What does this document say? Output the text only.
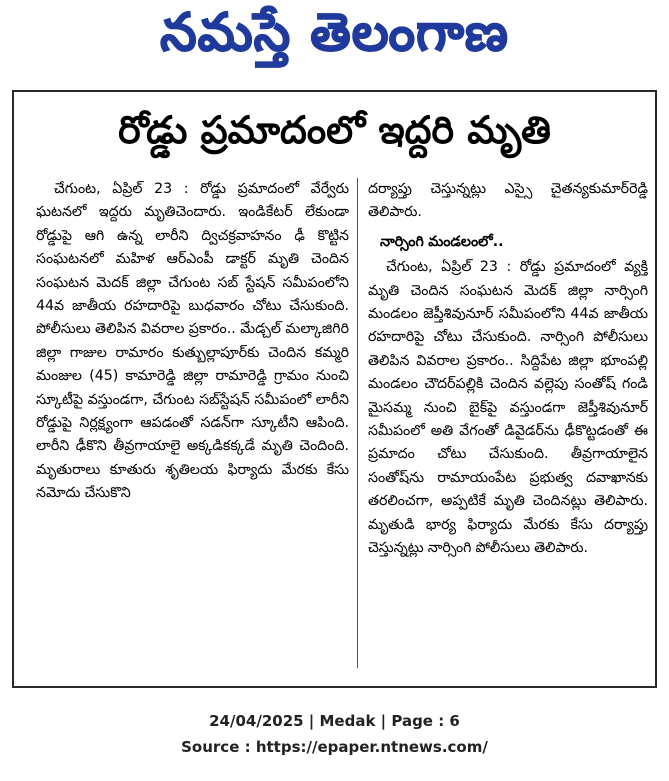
నమస్తే తెలంగాణ
రోడ్డు ప్రమాదంలో ఇద్దరి మృతి

చేగుంట, ఏప్రిల్ 23 : రోడ్డు ప్రమాదంలో వేర్వేరు ఘటనలో ఇద్దరు మృతిచెందారు. ఇండికేటర్ లేకుండా రోడ్డుపై ఆగి ఉన్న లారీని ద్విచక్రవాహనం ఢీ కొట్టిన సంఘటనలో మహిళ ఆర్ఎంపీ డాక్టర్ మృతి చెందిన సంఘటన మెదక్ జిల్లా చేగుంట సబ్ స్టేషన్ సమీపంలోని 44వ జాతీయ రహదారిపై బుధవారం చోటు చేసుకుంది. పోలీసులు తెలిపిన వివరాల ప్రకారం.. మేడ్చల్ మల్కాజిగిరి జిల్లా గాజుల రామారం కుత్బుల్లాపూర్‌కు చెందిన కమ్మరి మంజుల (45) కామారెడ్డి జిల్లా రామారెడ్డి గ్రామం నుంచి స్కూటీపై వస్తుండగా, చేగుంట సబ్‌స్టేషన్ సమీపంలో లారీని రోడ్డుపై నిర్లక్ష్యంగా ఆపడంతో సడన్‌గా స్కూటీని ఆపింది. లారీని ఢీకొని తీవ్రగాయాలై అక్కడికక్కడే మృతి చెందింది. మృతురాలు కూతురు శృతిలయ ఫిర్యాదు మేరకు కేసు నమోదు చేసుకొని

దర్యాప్తు చెస్తున్నట్లు ఎస్సై చైతన్యకుమార్‌రెడ్డి తెలిపారు.

నార్సింగి మండలంలో..

చేగుంట, ఏప్రిల్ 23 : రోడ్డు ప్రమాదంలో వ్యక్తి మృతి చెందిన సంఘటన మెదక్ జిల్లా నార్సింగి మండలం జెప్తీశివునూర్ సమీపంలోని 44వ జాతీయ రహదారిపై చోటు చేసుకుంది. నార్సింగి పోలీసులు తెలిపిన వివరాల ప్రకారం.. సిద్దిపేట జిల్లా భూంపల్లి మండలం చౌదర్‌పల్లికి చెందిన వల్లెపు సంతోష్ గండి మైసమ్మ నుంచి బైక్‌పై వస్తుండగా జెప్తీశివునూర్ సమీపంలో అతి వేగంతో డివైడర్‌ను ఢీకొట్టడంతో ఈ ప్రమాదం చోటు చేసుకుంది. తీవ్రగాయాలైన సంతోష్‌ను రామాయంపేట ప్రభుత్వ దవాఖానకు తరలించగా, అప్పటికే మృతి చెందినట్లు తెలిపారు. మృతుడి భార్య ఫిర్యాదు మేరకు కేసు దర్యాప్తు చెస్తున్నట్లు నార్సింగి పోలీసులు తెలిపారు.

24/04/2025 | Medak | Page : 6
Source : https://epaper.ntnews.com/
